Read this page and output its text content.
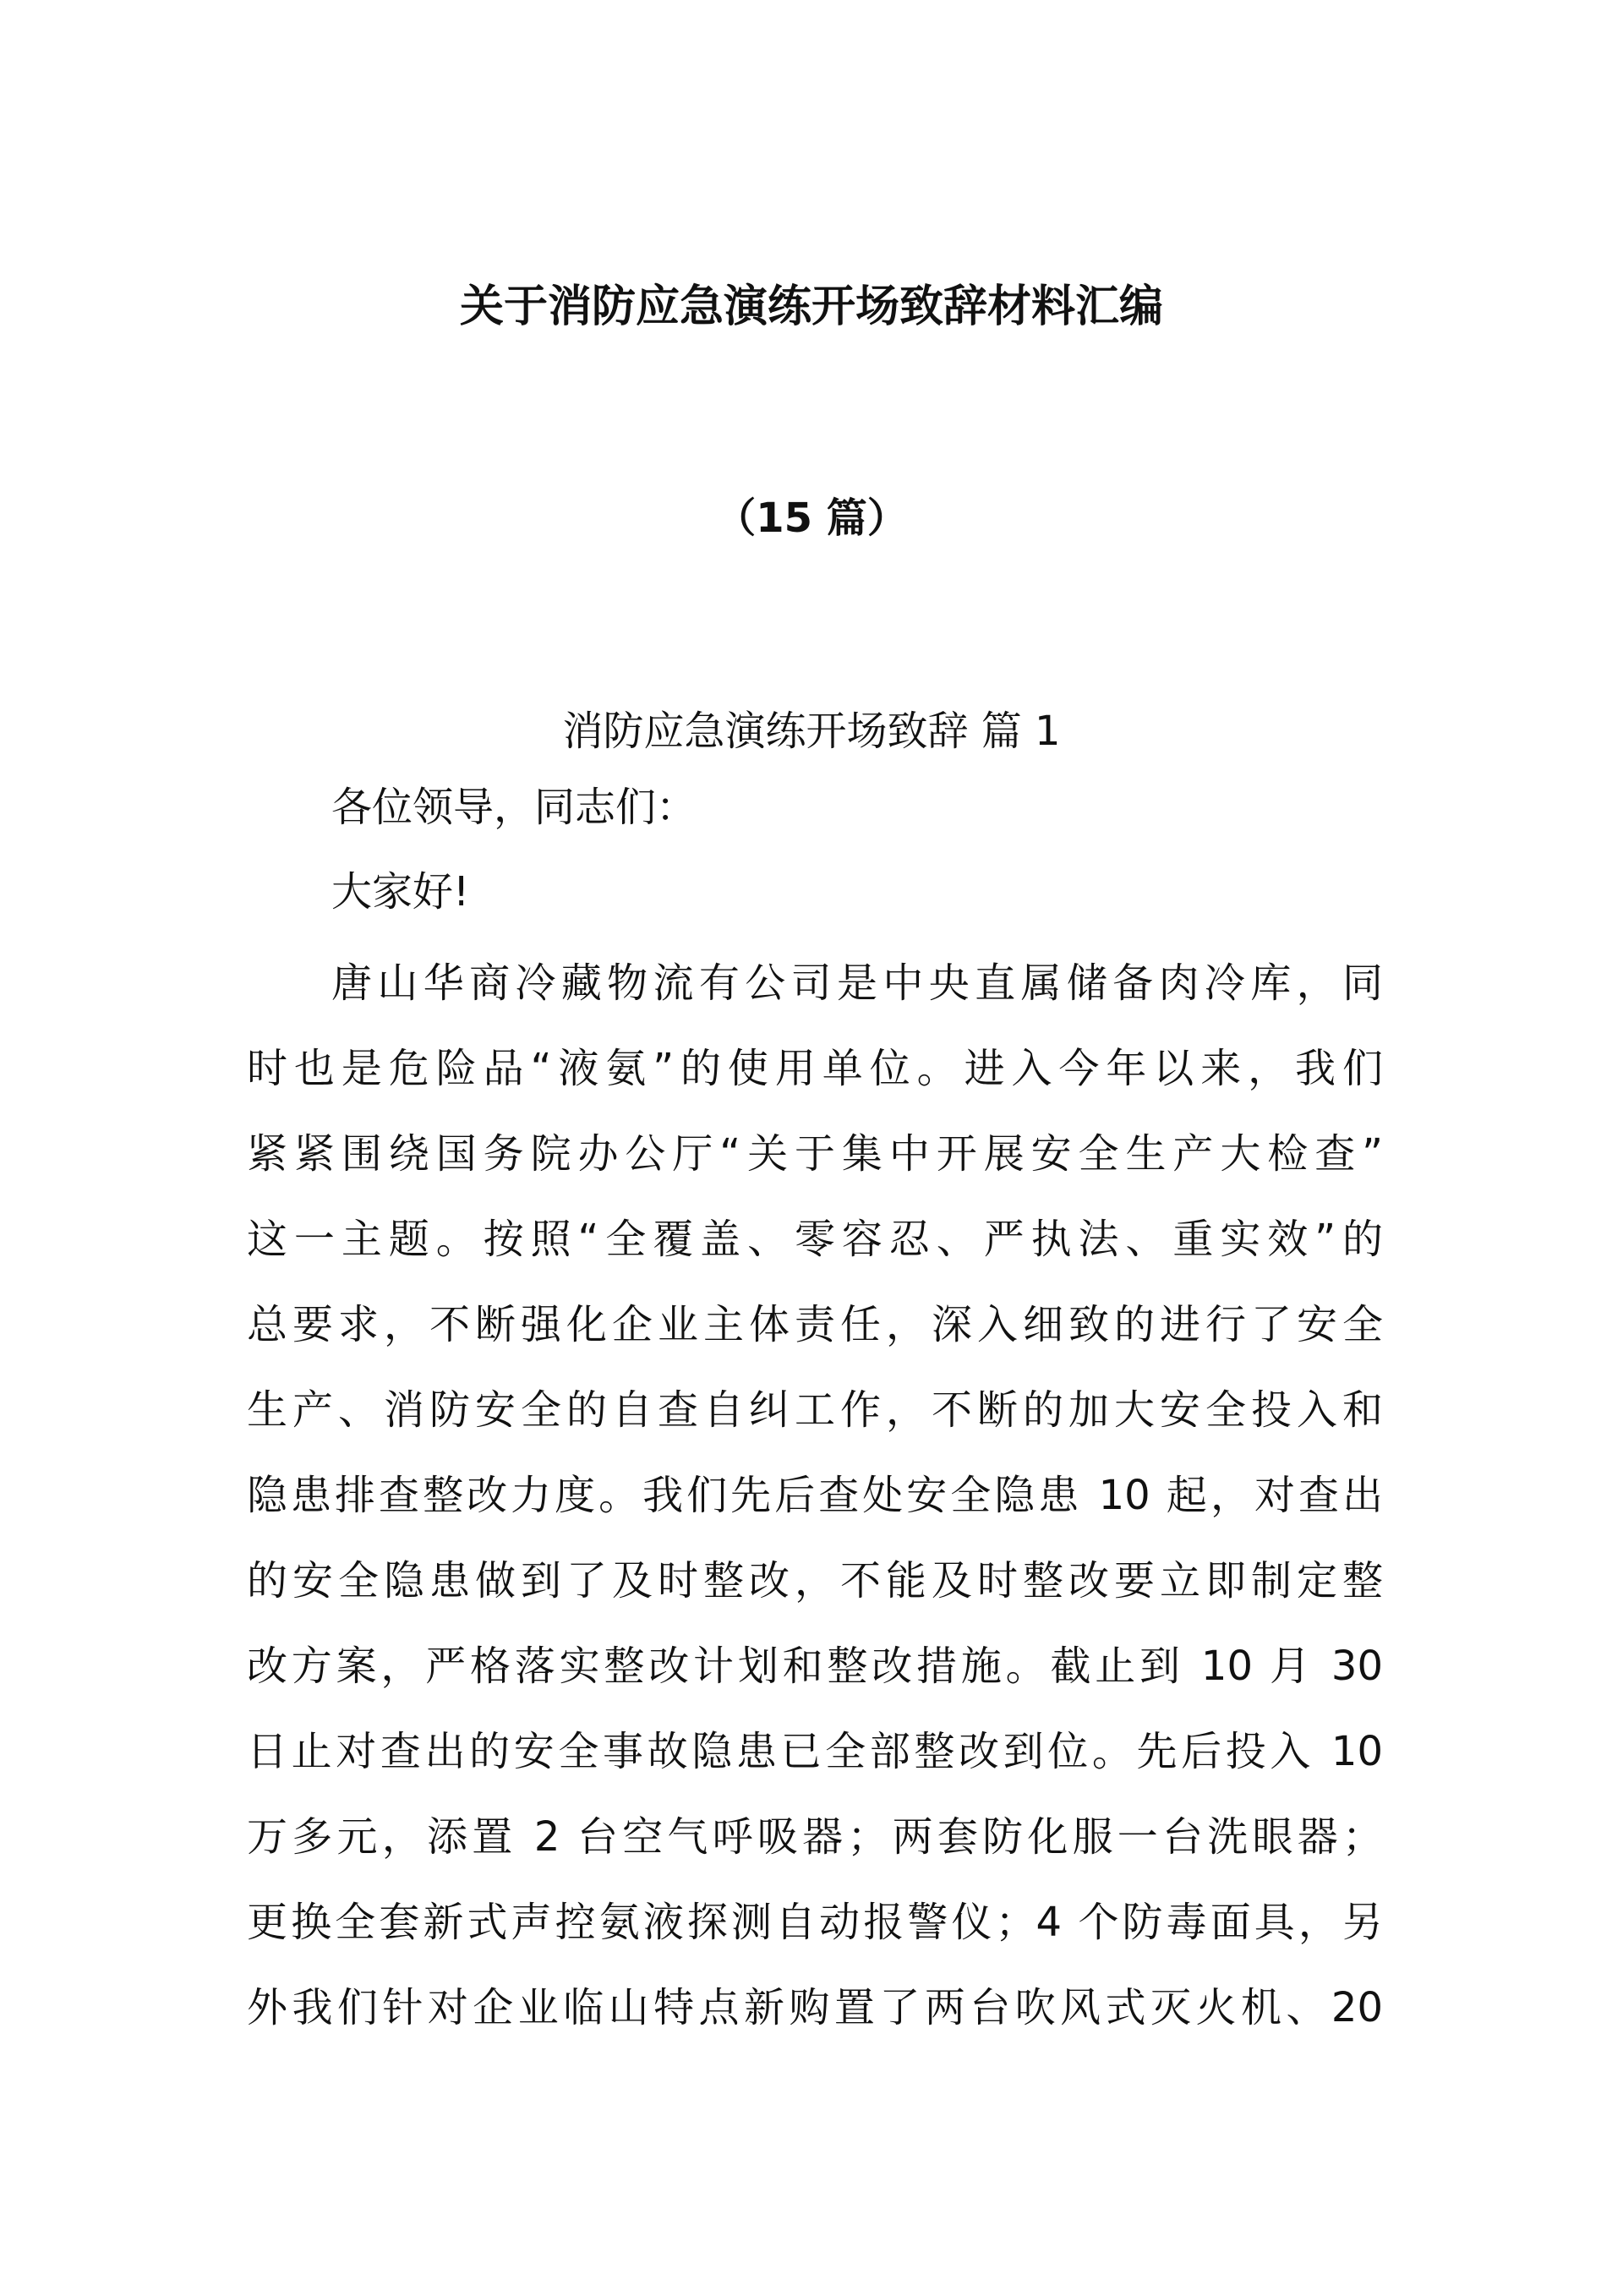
关于消防应急演练开场致辞材料汇编
（15 篇）
消防应急演练开场致辞 篇 1
各位领导，同志们：
大家好!
唐山华商冷藏物流有公司是中央直属储备肉冷库，同
时也是危险品“液氨”的使用单位。进入今年以来，我们
紧紧围绕国务院办公厅“关于集中开展安全生产大检查”
这一主题。按照“全覆盖、零容忍、严执法、重实效”的
总要求，不断强化企业主体责任，深入细致的进行了安全
生产、消防安全的自查自纠工作，不断的加大安全投入和
隐患排查整改力度。我们先后查处安全隐患 10 起，对查出
的安全隐患做到了及时整改，不能及时整改要立即制定整
改方案，严格落实整改计划和整改措施。截止到 10 月 30
日止对查出的安全事故隐患已全部整改到位。先后投入 10
万多元，添置 2 台空气呼吸器；两套防化服一台洗眼器；
更换全套新式声控氨液探测自动报警仪；4 个防毒面具，另
外我们针对企业临山特点新购置了两台吹风式灭火机、20
